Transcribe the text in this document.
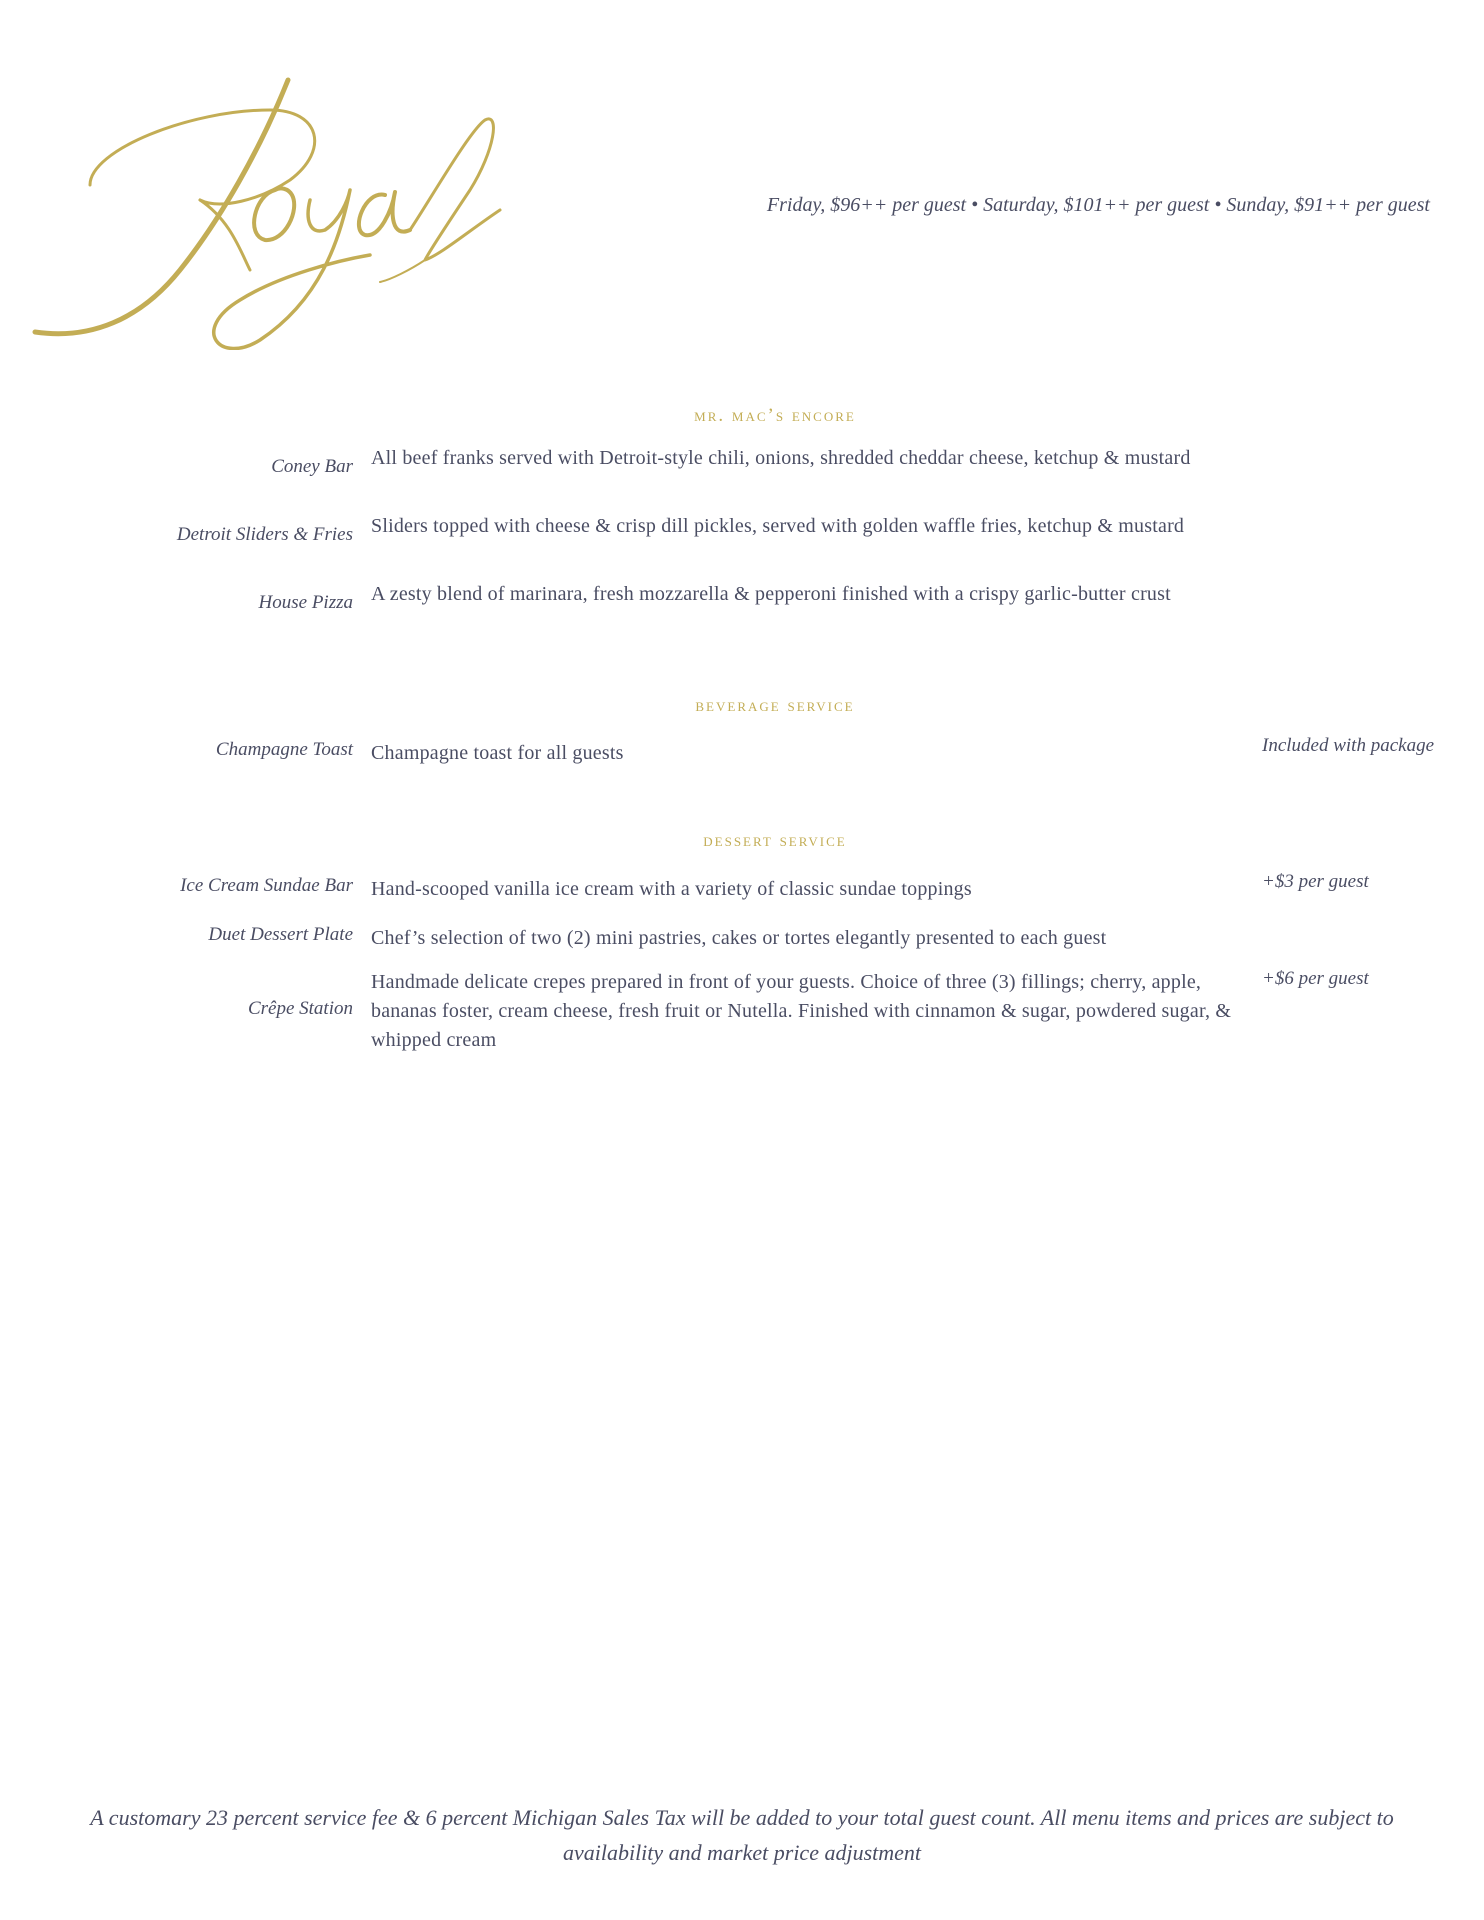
Friday, $96++ per guest • Saturday, $101++ per guest • Sunday, $91++ per guest
mr. mac’s encore
Coney Bar All beef franks served with Detroit-style chili, onions, shredded cheddar cheese, ketchup & mustard
Detroit Sliders & Fries Sliders topped with cheese & crisp dill pickles, served with golden waffle fries, ketchup & mustard
House Pizza A zesty blend of marinara, fresh mozzarella & pepperoni finished with a crispy garlic-butter crust
beverage service
Champagne Toast Champagne toast for all guests	Included with package
dessert service
Ice Cream Sundae Bar Hand-scooped vanilla ice cream with a variety of classic sundae toppings	+$3 per guest
Duet Dessert Plate Chef’s selection of two (2) mini pastries, cakes or tortes elegantly presented to each guest
Crêpe Station
Handmade delicate crepes prepared in front of your guests. Choice of three (3) fillings; cherry, apple, bananas foster, cream cheese, fresh fruit or Nutella. Finished with cinnamon & sugar, powdered sugar, & whipped cream
+$6 per guest
A customary 23 percent service fee & 6 percent Michigan Sales Tax will be added to your total guest count. All menu items and prices are subject to availability and market price adjustment
